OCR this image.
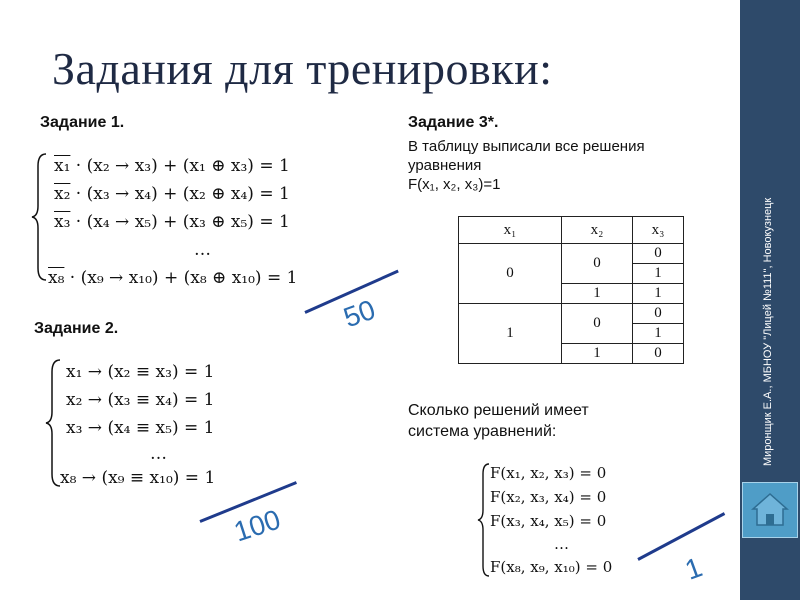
Задания для тренировки:
Задание 1.
x₁ · (x₂ → x₃) + (x₁ ⊕ x₃) = 1
x₂ · (x₃ → x₄) + (x₂ ⊕ x₄) = 1
x₃ · (x₄ → x₅) + (x₃ ⊕ x₅) = 1
…
x₈ · (x₉ → x₁₀) + (x₈ ⊕ x₁₀) = 1
50
Задание 2.
x₁ → (x₂ ≡ x₃) = 1
x₂ → (x₃ ≡ x₄) = 1
x₃ → (x₄ ≡ x₅) = 1
…
x₈ → (x₉ ≡ x₁₀) = 1
100
Задание 3*.
В таблицу выписали все решения
уравнения
F(x₁, x₂, x₃)=1
x₁	x₂	x₃
0	0	0
		1
	1	1
1	0	0
		1
	1	0
Сколько решений имеет
система уравнений:
F(x₁, x₂, x₃) = 0
F(x₂, x₃, x₄) = 0
F(x₃, x₄, x₅) = 0
…
F(x₈, x₉, x₁₀) = 0 1
Миронщик Е.А., МБНОУ "Лицей №111", Новокузнецк
